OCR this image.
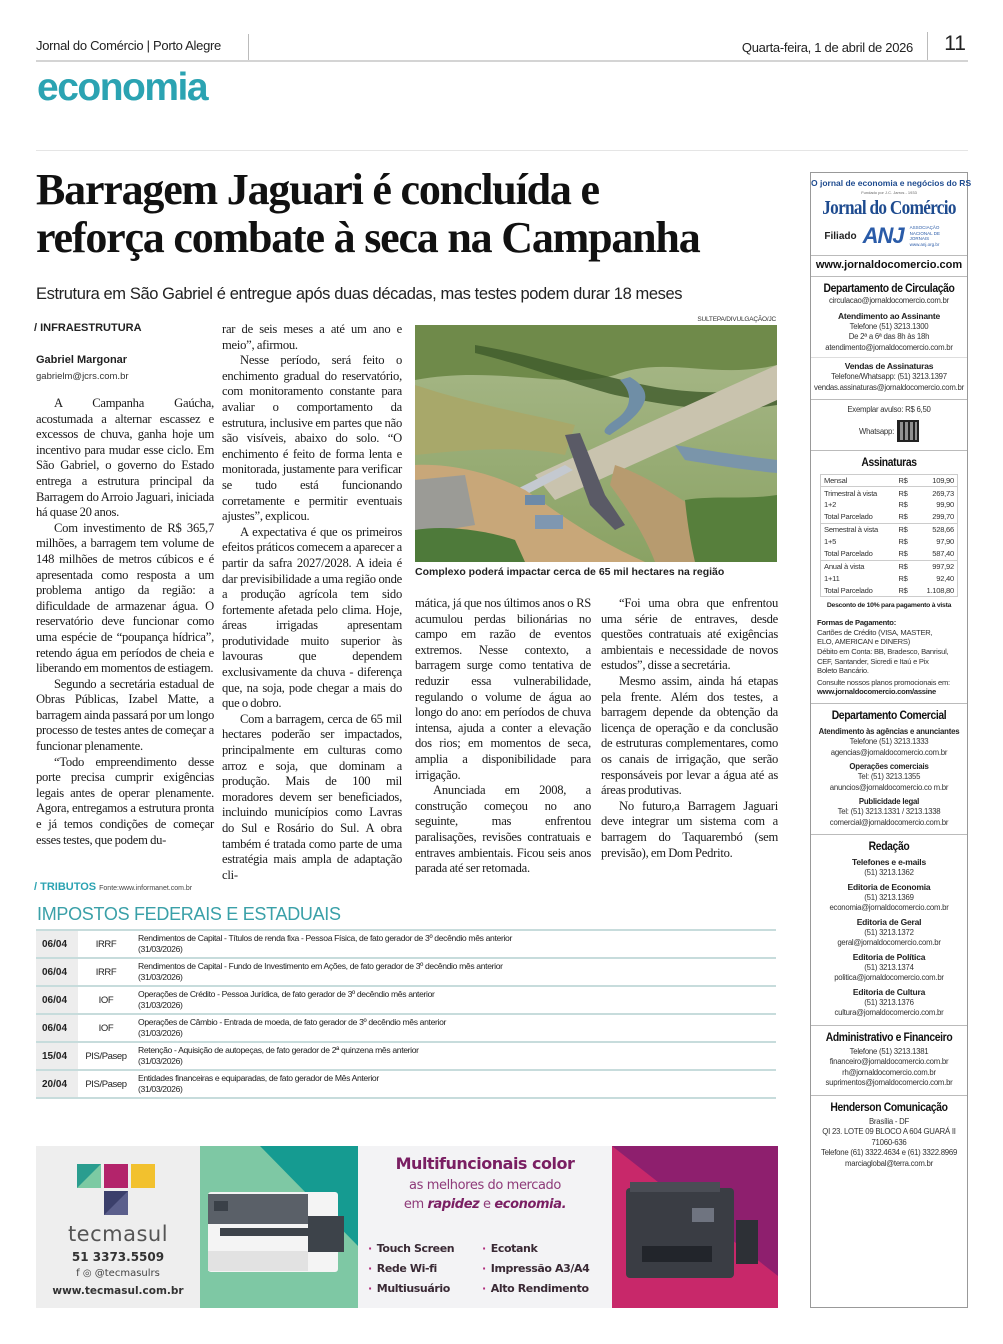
Jornal do Comércio | Porto Alegre	Quarta-feira, 1 de abril de 2026 11
economia
Barragem Jaguari é concluída e
reforça combate à seca na Campanha
Estrutura em São Gabriel é entregue após duas décadas, mas testes podem durar 18 meses
/ INFRAESTRUTURA
Gabriel Margonar
gabrielm@jcrs.com.br

A Campanha Gaúcha, acostumada a alternar escassez e excessos de chuva, ganha hoje um incentivo para mudar esse ciclo. Em São Gabriel, o governo do Estado entrega a estrutura principal da Barragem do Arroio Jaguari, iniciada há quase 20 anos.

Com investimento de R$ 365,7 milhões, a barragem tem volume de 148 milhões de metros cúbicos e é apresentada como resposta a um problema antigo da região: a dificuldade de armazenar água. O reservatório deve funcionar como uma espécie de “poupança hídrica”, retendo água em períodos de cheia e liberando em momentos de estiagem.

Segundo a secretária estadual de Obras Públicas, Izabel Matte, a barragem ainda passará por um longo processo de testes antes de começar a funcionar plenamente.

“Todo empreendimento desse porte precisa cumprir exigências legais antes de operar plenamente. Agora, entregamos a estrutura pronta e já temos condições de começar esses testes, que podem du-

rar de seis meses a até um ano e meio”, afirmou.

Nesse período, será feito o enchimento gradual do reservatório, com monitoramento constante para avaliar o comportamento da estrutura, inclusive em partes que não são visíveis, abaixo do solo. “O enchimento é feito de forma lenta e monitorada, justamente para verificar se tudo está funcionando corretamente e permitir eventuais ajustes”, explicou.

A expectativa é que os primeiros efeitos práticos comecem a aparecer a partir da safra 2027/2028. A ideia é dar previsibilidade a uma região onde a produção agrícola tem sido fortemente afetada pelo clima. Hoje, áreas irrigadas apresentam produtividade muito superior às lavouras que dependem exclusivamente da chuva - diferença que, na soja, pode chegar a mais do que o dobro.

Com a barragem, cerca de 65 mil hectares poderão ser impactados, principalmente em culturas como arroz e soja, que dominam a produção. Mais de 100 mil moradores devem ser beneficiados, incluindo municípios como Lavras do Sul e Rosário do Sul. A obra também é tratada como parte de uma estratégia mais ampla de adaptação cli-

SULTEPA/DIVULGAÇÃO/JC
Complexo poderá impactar cerca de 65 mil hectares na região

mática, já que nos últimos anos o RS acumulou perdas bilionárias no campo em razão de eventos extremos. Nesse contexto, a barragem surge como tentativa de reduzir essa vulnerabilidade, regulando o volume de água ao longo do ano: em períodos de chuva intensa, ajuda a conter a elevação dos rios; em momentos de seca, amplia a disponibilidade para irrigação.

Anunciada em 2008, a construção começou no ano seguinte, mas enfrentou paralisações, revisões contratuais e entraves ambientais. Ficou seis anos parada até ser retomada.

“Foi uma obra que enfrentou uma série de entraves, desde questões contratuais até exigências ambientais e necessidade de novos estudos”, disse a secretária.

Mesmo assim, ainda há etapas pela frente. Além dos testes, a barragem depende da obtenção da licença de operação e da conclusão de estruturas complementares, como os canais de irrigação, que serão responsáveis por levar a água até as áreas produtivas.

No futuro,a Barragem Jaguari deve integrar um sistema com a barragem do Taquarembó (sem previsão), em Dom Pedrito.

/ TRIBUTOS Fonte:www.informanet.com.br
IMPOSTOS FEDERAIS E ESTADUAIS
06/04	IRRF	Rendimentos de Capital - Títulos de renda fixa - Pessoa Física, de fato gerador de 3º decêndio mês anterior
(31/03/2026)

06/04	IRRF	Rendimentos de Capital - Fundo de Investimento em Ações, de fato gerador de 3º decêndio mês anterior
(31/03/2026)

06/04	IOF	Operações de Crédito - Pessoa Jurídica, de fato gerador de 3º decêndio mês anterior
(31/03/2026)

06/04	IOF	Operações de Câmbio - Entrada de moeda, de fato gerador de 3º decêndio mês anterior
(31/03/2026)

15/04	PIS/Pasep	Retenção - Aquisição de autopeças, de fato gerador de 2ª quinzena mês anterior
(31/03/2026)

20/04	PIS/Pasep	Entidades financeiras e equiparadas, de fato gerador de Mês Anterior
(31/03/2026)
tecmasul
51 3373.5509
f ◎ @tecmasulrs
www.tecmasul.com.br
Multifuncionais color
as melhores do mercado
em rapidez e economia.
· Touch Screen
· Rede Wi-fi
· Multiusuário
· Ecotank
· Impressão A3/A4
· Alto Rendimento
O jornal de economia e negócios do RS
Fundado por J.C. Jarros - 1933
Jornal do Comércio
Filiado ANJ ASSOCIAÇÃO NACIONAL DE JORNAIS www.anj.org.br
www.jornaldocomercio.com
Departamento de Circulação
circulacao@jornaldocomercio.com.br
Atendimento ao Assinante
Telefone (51) 3213.1300
De 2ª a 6ª das 8h às 18h
atendimento@jornaldocomercio.com.br
Vendas de Assinaturas
Telefone/Whatsapp: (51) 3213.1397
vendas.assinaturas@jornaldocomercio.com.br
Exemplar avulso: R$ 6,50
Whatsapp:
Assinaturas
Mensal	R$	109,90
Trimestral à vista	R$	269,73
1+2	R$	99,90
Total Parcelado	R$	299,70
Semestral à vista	R$	528,66
1+5	R$	97,90
Total Parcelado	R$	587,40
Anual à vista	R$	997,92
1+11	R$	92,40
Total Parcelado	R$	1.108,80
Desconto de 10% para pagamento à vista
Formas de Pagamento:
Cartões de Crédito (VISA, MASTER,
ELO, AMERICAN e DINERS)
Débito em Conta: BB, Bradesco, Banrisul,
CEF, Santander, Sicredi e Itaú e Pix
Boleto Bancário.
Consulte nossos planos promocionais em:
www.jornaldocomercio.com/assine
Departamento Comercial
Atendimento às agências e anunciantes
Telefone (51) 3213.1333
agencias@jornaldocomercio.com.br
Operações comerciais
Tel: (51) 3213.1355
anuncios@jornaldocomercio.co m.br
Publicidade legal
Tel: (51) 3213.1331 / 3213.1338
comercial@jornaldocomercio.com.br
Redação
Telefones e e-mails
(51) 3213.1362
Editoria de Economia
(51) 3213.1369
economia@jornaldocomercio.com.br
Editoria de Geral
(51) 3213.1372
geral@jornaldocomercio.com.br
Editoria de Política
(51) 3213.1374
politica@jornaldocomercio.com.br
Editoria de Cultura
(51) 3213.1376
cultura@jornaldocomercio.com.br
Administrativo e Financeiro
Telefone (51) 3213.1381
financeiro@jornaldocomercio.com.br
rh@jornaldocomercio.com.br
suprimentos@jornaldocomercio.com.br
Henderson Comunicação
Brasília - DF
QI 23. LOTE 09 BLOCO A 604 GUARÁ II
71060-636
Telefone (61) 3322.4634 e (61) 3322.8969
marciaglobal@terra.com.br
